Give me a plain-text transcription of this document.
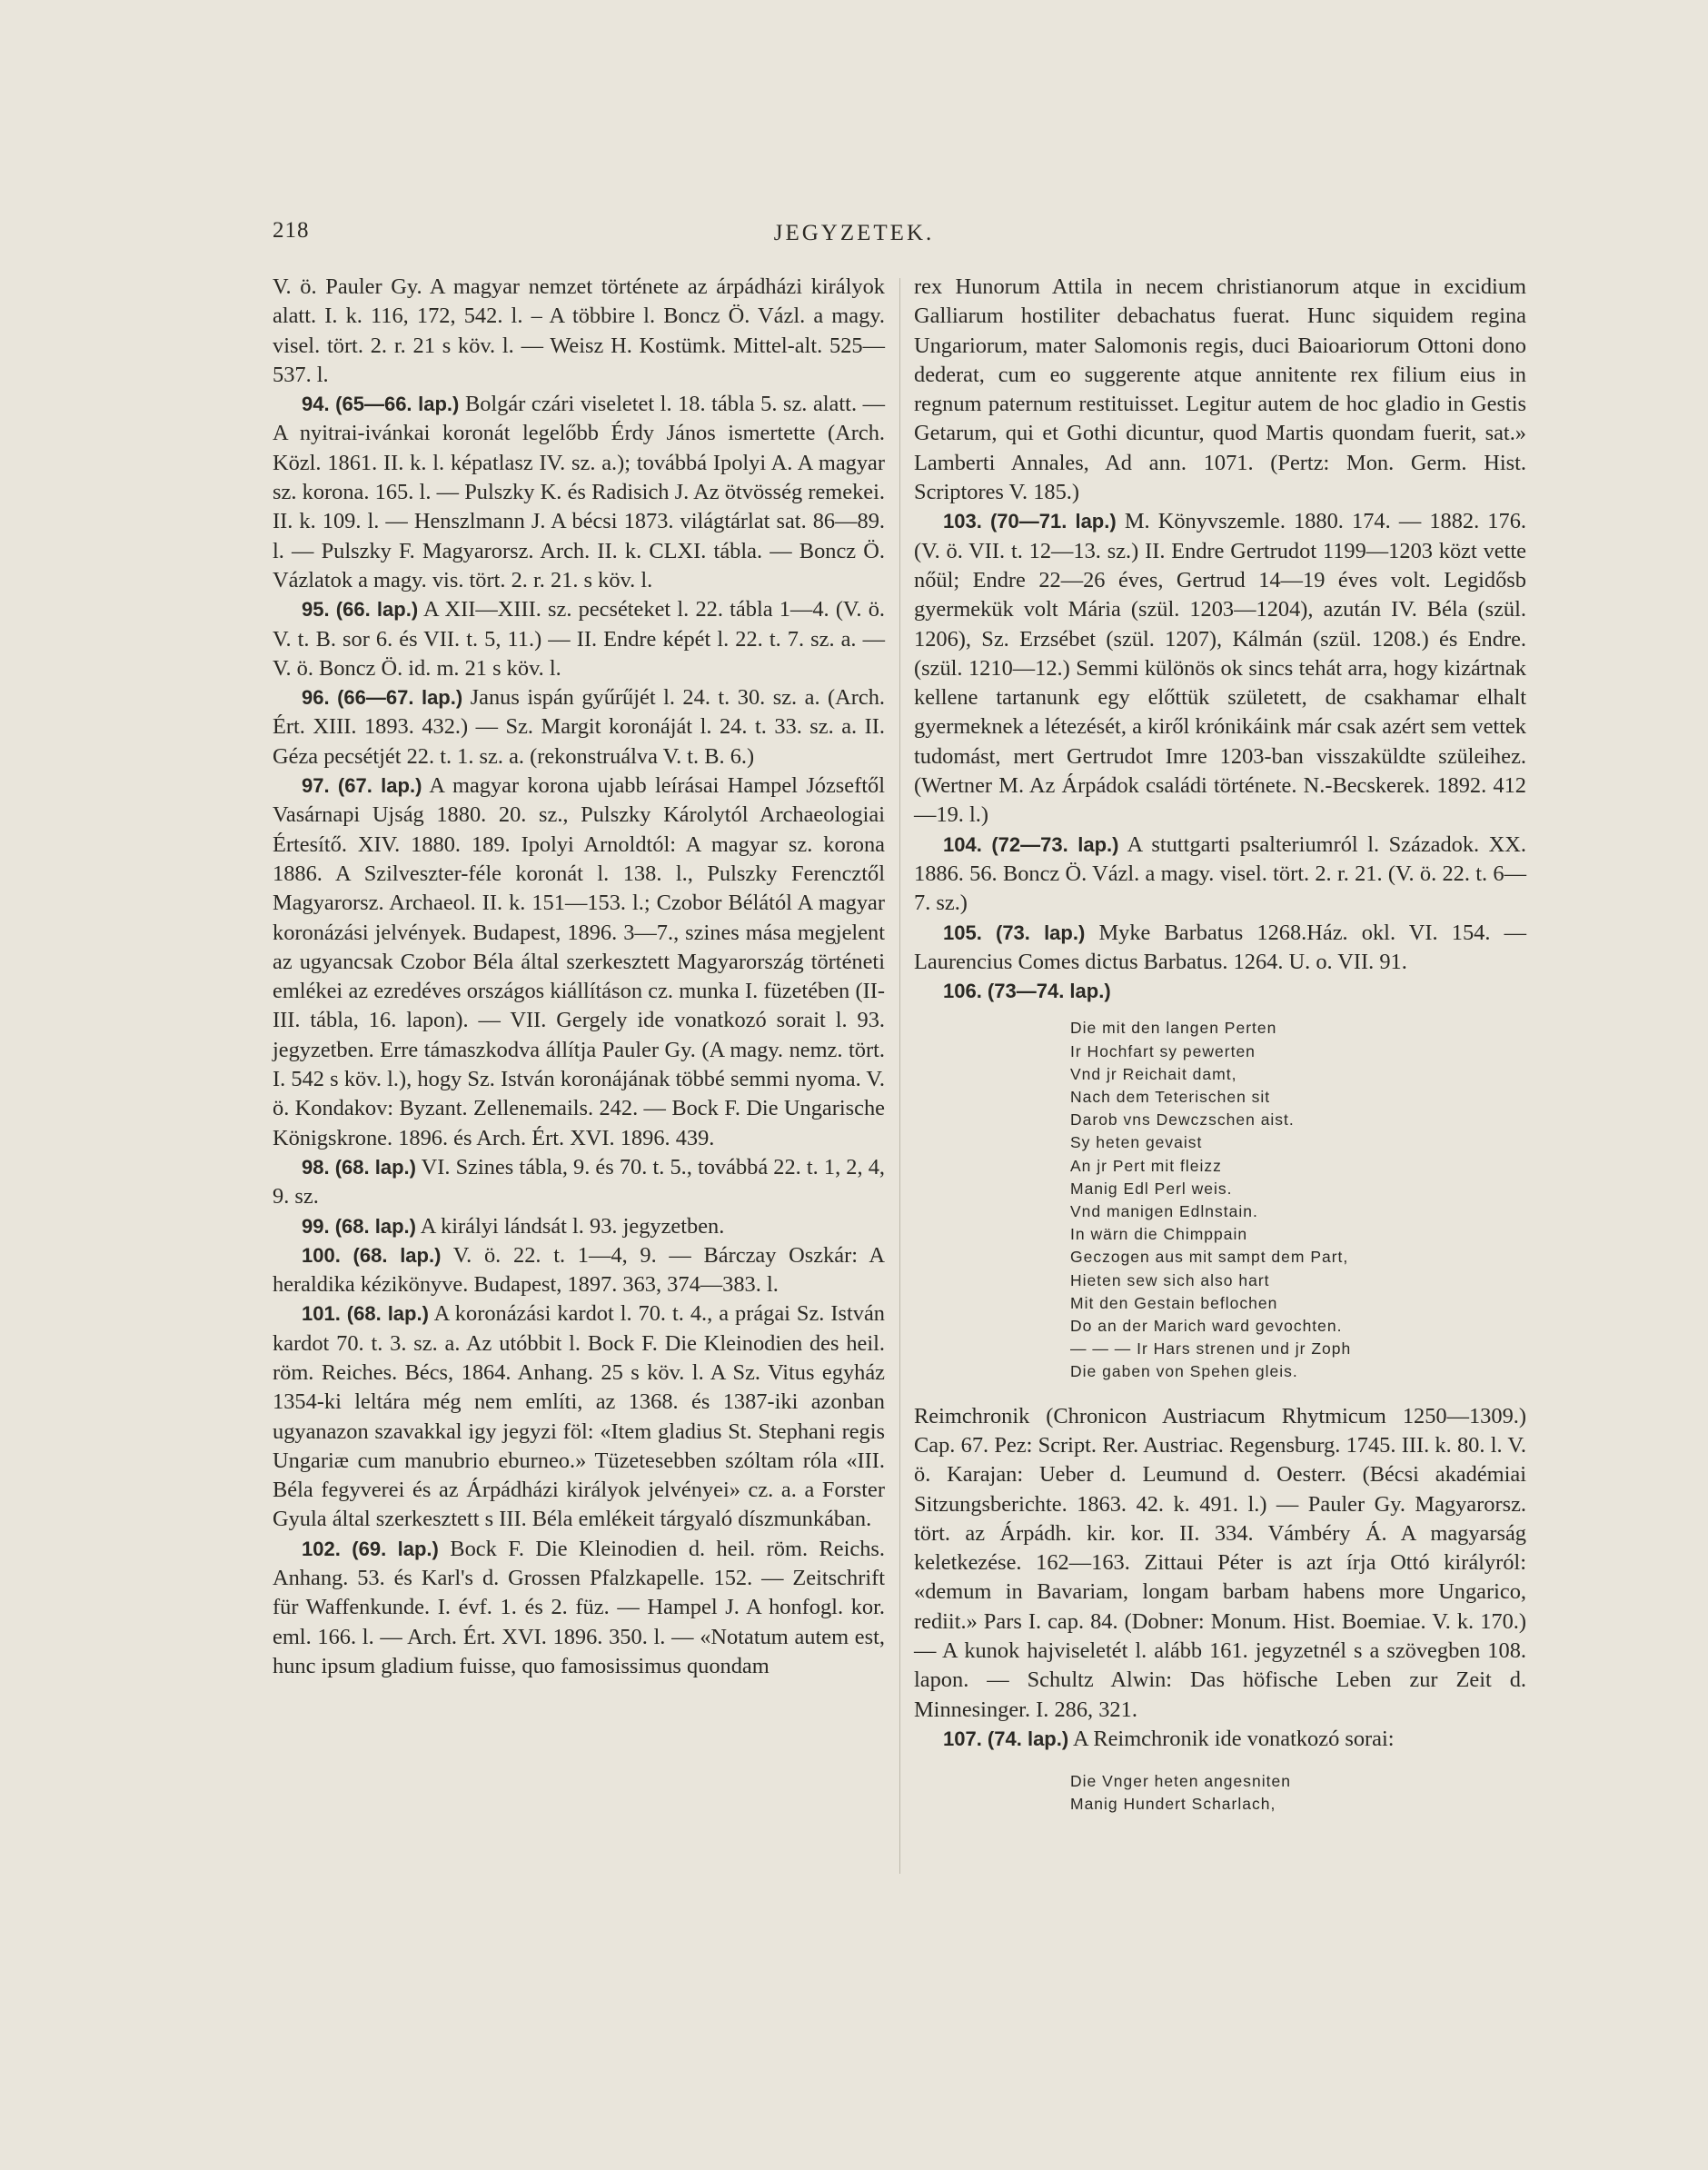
218	JEGYZETEK.

V. ö. Pauler Gy. A magyar nemzet története az árpádházi királyok alatt. I. k. 116, 172, 542. l. – A többire l. Boncz Ö. Vázl. a magy. visel. tört. 2. r. 21 s köv. l. — Weisz H. Kostümk. Mittel-alt. 525—537. l.

94. (65—66. lap.) Bolgár czári viseletet l. 18. tábla 5. sz. alatt. — A nyitrai-ivánkai koronát legelőbb Érdy János ismertette (Arch. Közl. 1861. II. k. l. képatlasz IV. sz. a.); továbbá Ipolyi A. A magyar sz. korona. 165. l. — Pulszky K. és Radisich J. Az ötvösség remekei. II. k. 109. l. — Henszlmann J. A bécsi 1873. világtárlat sat. 86—89. l. — Pulszky F. Magyarorsz. Arch. II. k. CLXI. tábla. — Boncz Ö. Vázlatok a magy. vis. tört. 2. r. 21. s köv. l.

95. (66. lap.) A XII—XIII. sz. pecséteket l. 22. tábla 1—4. (V. ö. V. t. B. sor 6. és VII. t. 5, 11.) — II. Endre képét l. 22. t. 7. sz. a. — V. ö. Boncz Ö. id. m. 21 s köv. l.

96. (66—67. lap.) Janus ispán gyűrűjét l. 24. t. 30. sz. a. (Arch. Ért. XIII. 1893. 432.) — Sz. Margit koronáját l. 24. t. 33. sz. a. II. Géza pecsétjét 22. t. 1. sz. a. (rekonstruálva V. t. B. 6.)

97. (67. lap.) A magyar korona ujabb leírásai Hampel Józseftől Vasárnapi Ujság 1880. 20. sz., Pulszky Károlytól Archaeologiai Értesítő. XIV. 1880. 189. Ipolyi Arnoldtól: A magyar sz. korona 1886. A Szilveszter-féle koronát l. 138. l., Pulszky Ferencztől Magyarorsz. Archaeol. II. k. 151—153. l.; Czobor Bélától A magyar koronázási jelvények. Budapest, 1896. 3—7., szines mása megjelent az ugyancsak Czobor Béla által szerkesztett Magyarország történeti emlékei az ezredéves országos kiállításon cz. munka I. füzetében (II-III. tábla, 16. lapon). — VII. Gergely ide vonatkozó sorait l. 93. jegyzetben. Erre támaszkodva állítja Pauler Gy. (A magy. nemz. tört. I. 542 s köv. l.), hogy Sz. István koronájának többé semmi nyoma. V. ö. Kondakov: Byzant. Zellenemails. 242. — Bock F. Die Ungarische Königskrone. 1896. és Arch. Ért. XVI. 1896. 439.

98. (68. lap.) VI. Szines tábla, 9. és 70. t. 5., továbbá 22. t. 1, 2, 4, 9. sz.

99. (68. lap.) A királyi lándsát l. 93. jegyzetben.

100. (68. lap.) V. ö. 22. t. 1—4, 9. — Bárczay Oszkár: A heraldika kézikönyve. Budapest, 1897. 363, 374—383. l.

101. (68. lap.) A koronázási kardot l. 70. t. 4., a prágai Sz. István kardot 70. t. 3. sz. a. Az utóbbit l. Bock F. Die Kleinodien des heil. röm. Reiches. Bécs, 1864. Anhang. 25 s köv. l. A Sz. Vitus egyház 1354-ki leltára még nem említi, az 1368. és 1387-iki azonban ugyanazon szavakkal igy jegyzi föl: «Item gladius St. Stephani regis Ungariæ cum manubrio eburneo.» Tüzetesebben szóltam róla «III. Béla fegyverei és az Árpádházi királyok jelvényei» cz. a. a Forster Gyula által szerkesztett s III. Béla emlékeit tárgyaló díszmunkában.

102. (69. lap.) Bock F. Die Kleinodien d. heil. röm. Reichs. Anhang. 53. és Karl's d. Grossen Pfalzkapelle. 152. — Zeitschrift für Waffenkunde. I. évf. 1. és 2. füz. — Hampel J. A honfogl. kor. eml. 166. l. — Arch. Ért. XVI. 1896. 350. l. — «Notatum autem est, hunc ipsum gladium fuisse, quo famosissimus quondam

rex Hunorum Attila in necem christianorum atque in excidium Galliarum hostiliter debachatus fuerat. Hunc siquidem regina Ungariorum, mater Salomonis regis, duci Baioariorum Ottoni dono dederat, cum eo suggerente atque annitente rex filium eius in regnum paternum restituisset. Legitur autem de hoc gladio in Gestis Getarum, qui et Gothi dicuntur, quod Martis quondam fuerit, sat.» Lamberti Annales, Ad ann. 1071. (Pertz: Mon. Germ. Hist. Scriptores V. 185.)

103. (70—71. lap.) M. Könyvszemle. 1880. 174. — 1882. 176. (V. ö. VII. t. 12—13. sz.) II. Endre Gertrudot 1199—1203 közt vette nőül; Endre 22—26 éves, Gertrud 14—19 éves volt. Legidősb gyermekük volt Mária (szül. 1203—1204), azután IV. Béla (szül. 1206), Sz. Erzsébet (szül. 1207), Kálmán (szül. 1208.) és Endre. (szül. 1210—12.) Semmi különös ok sincs tehát arra, hogy kizártnak kellene tartanunk egy előttük született, de csakhamar elhalt gyermeknek a létezését, a kiről krónikáink már csak azért sem vettek tudomást, mert Gertrudot Imre 1203-ban visszaküldte szüleihez. (Wertner M. Az Árpádok családi története. N.-Becskerek. 1892. 412—19. l.)

104. (72—73. lap.) A stuttgarti psalteriumról l. Századok. XX. 1886. 56. Boncz Ö. Vázl. a magy. visel. tört. 2. r. 21. (V. ö. 22. t. 6—7. sz.)

105. (73. lap.) Myke Barbatus 1268.Ház. okl. VI. 154. — Laurencius Comes dictus Barbatus. 1264. U. o. VII. 91.

106. (73—74. lap.)

Die mit den langen Perten
Ir Hochfart sy pewerten
Vnd jr Reichait damt,
Nach dem Teterischen sit
Darob vns Dewczschen aist.
Sy heten gevaist
An jr Pert mit fleizz
Manig Edl Perl weis.
Vnd manigen Edlnstain.
In wärn die Chimppain
Geczogen aus mit sampt dem Part,
Hieten sew sich also hart
Mit den Gestain beflochen
Do an der Marich ward gevochten.
— — — Ir Hars strenen und jr Zoph
Die gaben von Spehen gleis.

Reimchronik (Chronicon Austriacum Rhytmicum 1250—1309.) Cap. 67. Pez: Script. Rer. Austriac. Regensburg. 1745. III. k. 80. l. V. ö. Karajan: Ueber d. Leumund d. Oesterr. (Bécsi akadémiai Sitzungsberichte. 1863. 42. k. 491. l.) — Pauler Gy. Magyarorsz. tört. az Árpádh. kir. kor. II. 334. Vámbéry Á. A magyarság keletkezése. 162—163. Zittaui Péter is azt írja Ottó királyról: «demum in Bavariam, longam barbam habens more Ungarico, rediit.» Pars I. cap. 84. (Dobner: Monum. Hist. Boemiae. V. k. 170.) — A kunok hajviseletét l. alább 161. jegyzetnél s a szövegben 108. lapon. — Schultz Alwin: Das höfische Leben zur Zeit d. Minnesinger. I. 286, 321.

107. (74. lap.) A Reimchronik ide vonatkozó sorai:

Die Vnger heten angesniten
Manig Hundert Scharlach,
